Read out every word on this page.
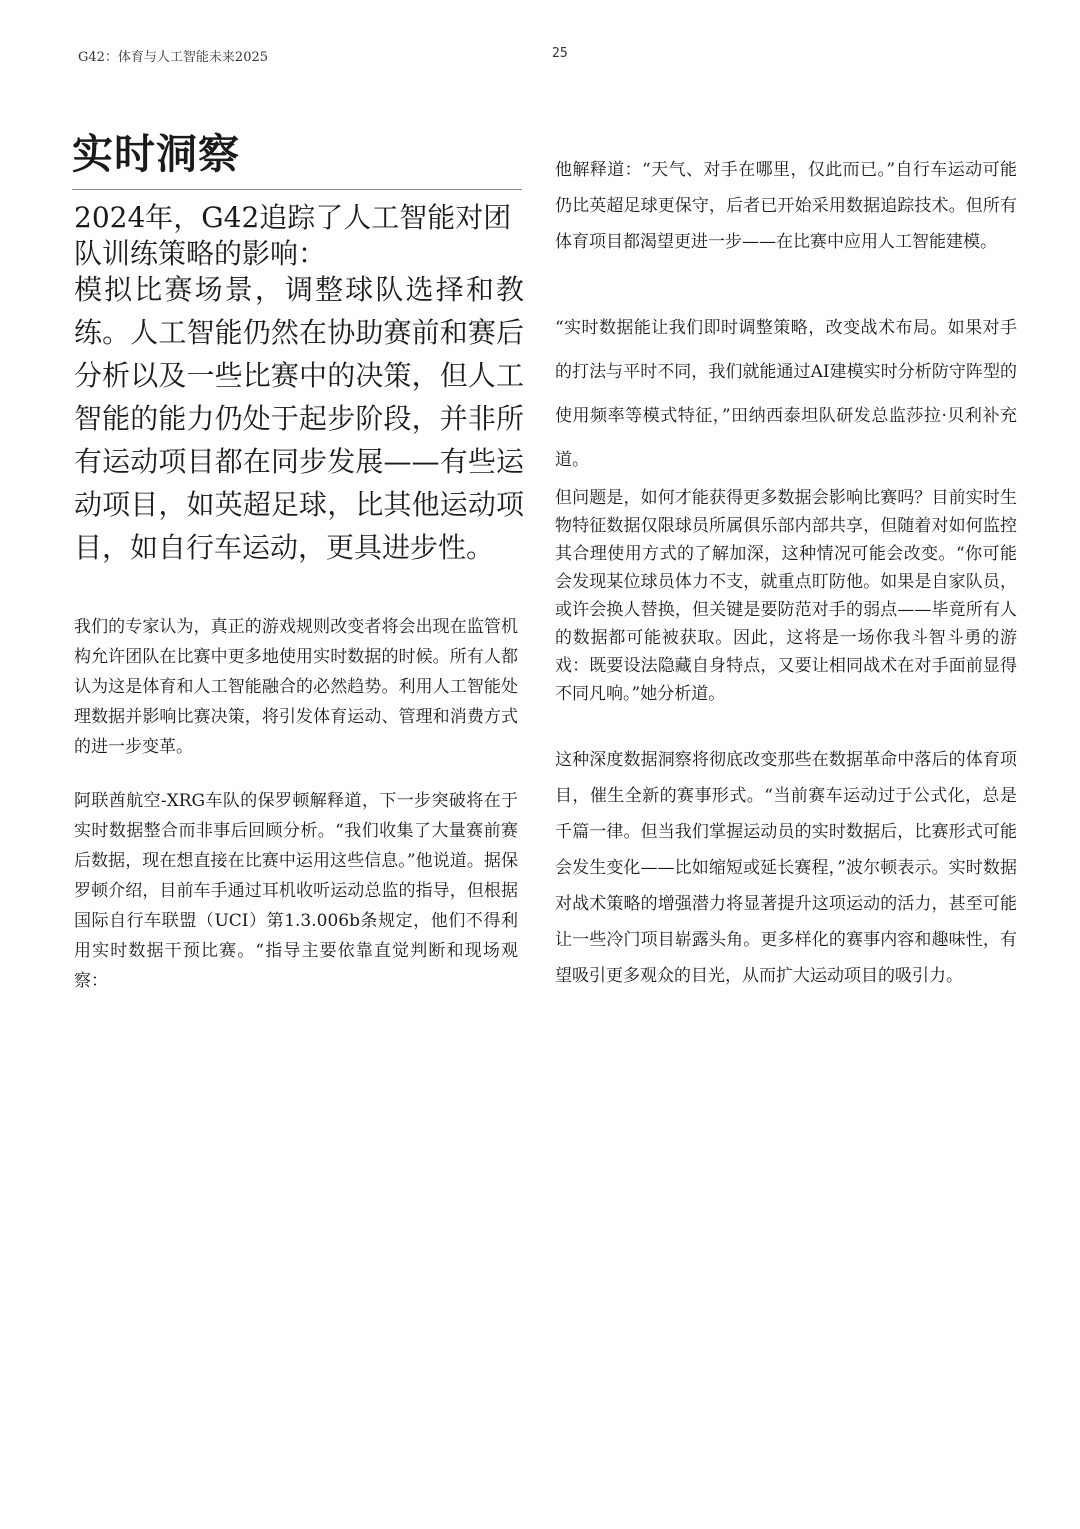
G42：体育与人工智能未来2025	25
实时洞察
2024年，G42追踪了人工智能对团队训练策略的影响：
模拟比赛场景，调整球队选择和教练。人工智能仍然在协助赛前和赛后分析以及一些比赛中的决策，但人工智能的能力仍处于起步阶段，并非所有运动项目都在同步发展——有些运动项目，如英超足球，比其他运动项目，如自行车运动，更具进步性。

我们的专家认为，真正的游戏规则改变者将会出现在监管机构允许团队在比赛中更多地使用实时数据的时候。所有人都认为这是体育和人工智能融合的必然趋势。利用人工智能处理数据并影响比赛决策，将引发体育运动、管理和消费方式的进一步变革。

阿联酋航空-XRG车队的保罗顿解释道，下一步突破将在于实时数据整合而非事后回顾分析。“我们收集了大量赛前赛后数据，现在想直接在比赛中运用这些信息。”他说道。据保罗顿介绍，目前车手通过耳机收听运动总监的指导，但根据国际自行车联盟（UCI）第1.3.006b条规定，他们不得利用实时数据干预比赛。“指导主要依靠直觉判断和现场观察：

他解释道：“天气、对手在哪里，仅此而已。”自行车运动可能仍比英超足球更保守，后者已开始采用数据追踪技术。但所有体育项目都渴望更进一步——在比赛中应用人工智能建模。

“实时数据能让我们即时调整策略，改变战术布局。如果对手的打法与平时不同，我们就能通过AI建模实时分析防守阵型的使用频率等模式特征，”田纳西泰坦队研发总监莎拉·贝利补充道。

但问题是，如何才能获得更多数据会影响比赛吗？目前实时生物特征数据仅限球员所属俱乐部内部共享，但随着对如何监控其合理使用方式的了解加深，这种情况可能会改变。“你可能会发现某位球员体力不支，就重点盯防他。如果是自家队员，或许会换人替换，但关键是要防范对手的弱点——毕竟所有人的数据都可能被获取。因此，这将是一场你我斗智斗勇的游戏：既要设法隐藏自身特点，又要让相同战术在对手面前显得不同凡响。”她分析道。

这种深度数据洞察将彻底改变那些在数据革命中落后的体育项目，催生全新的赛事形式。“当前赛车运动过于公式化，总是千篇一律。但当我们掌握运动员的实时数据后，比赛形式可能会发生变化——比如缩短或延长赛程，”波尔顿表示。实时数据对战术策略的增强潜力将显著提升这项运动的活力，甚至可能让一些冷门项目崭露头角。更多样化的赛事内容和趣味性，有望吸引更多观众的目光，从而扩大运动项目的吸引力。
